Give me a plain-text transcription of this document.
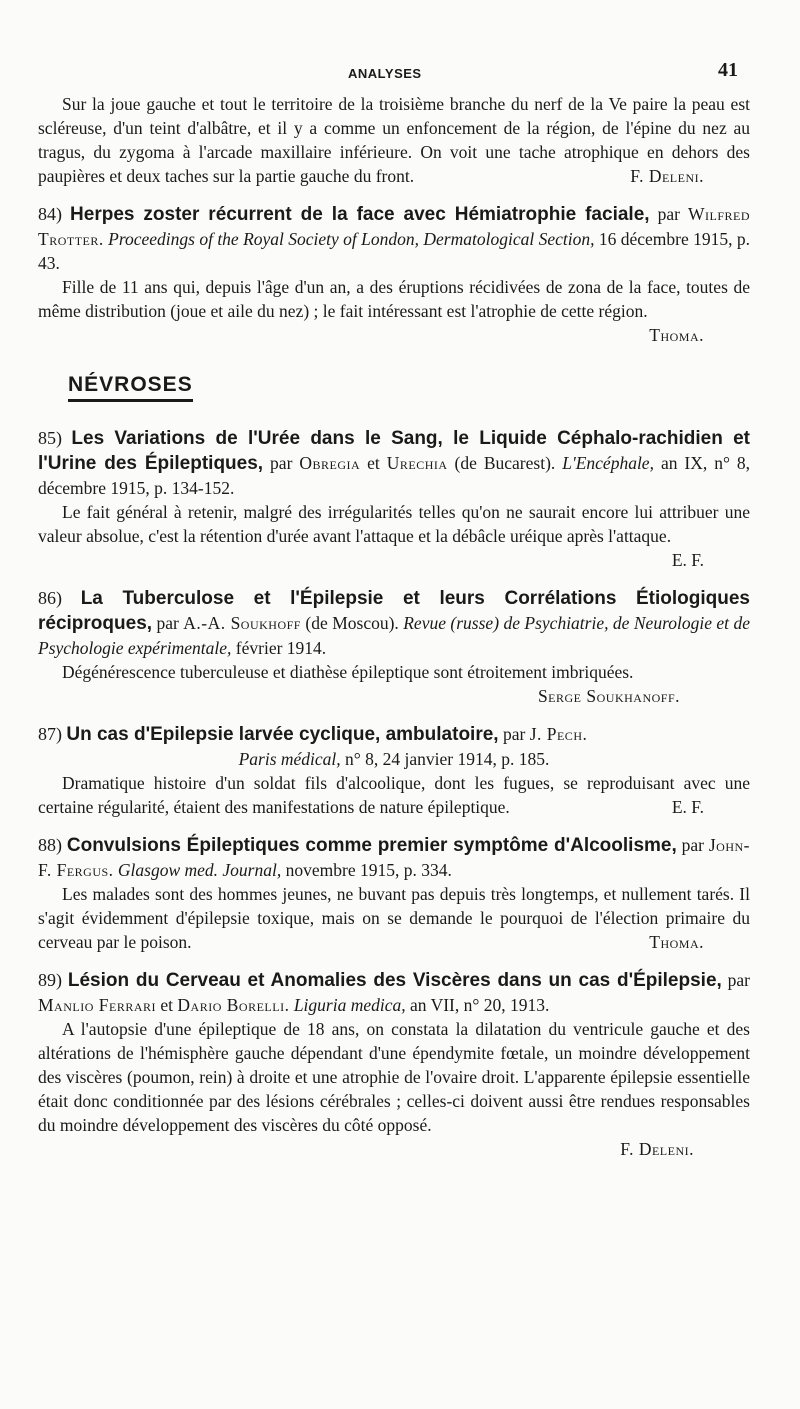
ANALYSES	41

Sur la joue gauche et tout le territoire de la troisième branche du nerf de la Ve paire la peau est scléreuse, d'un teint d'albâtre, et il y a comme un enfoncement de la région, de l'épine du nez au tragus, du zygoma à l'arcade maxillaire inférieure. On voit une tache atrophique en dehors des paupières et deux taches sur la partie gauche du front.	F. Deleni.

84) Herpes zoster récurrent de la face avec Hémiatrophie faciale, par Wilfred Trotter. Proceedings of the Royal Society of London, Dermatological Section, 16 décembre 1915, p. 43.

Fille de 11 ans qui, depuis l'âge d'un an, a des éruptions récidivées de zona de la face, toutes de même distribution (joue et aile du nez) ; le fait intéressant est l'atrophie de cette région.
Thoma.

NÉVROSES

85) Les Variations de l'Urée dans le Sang, le Liquide Céphalo-rachidien et l'Urine des Épileptiques, par Obregia et Urechia (de Bucarest). L'Encéphale, an IX, n° 8, décembre 1915, p. 134-152.

Le fait général à retenir, malgré des irrégularités telles qu'on ne saurait encore lui attribuer une valeur absolue, c'est la rétention d'urée avant l'attaque et la débâcle uréique après l'attaque.
E. F.

86) La Tuberculose et l'Épilepsie et leurs Corrélations Étiologiques réciproques, par A.-A. Soukhoff (de Moscou). Revue (russe) de Psychiatrie, de Neurologie et de Psychologie expérimentale, février 1914.

Dégénérescence tuberculeuse et diathèse épileptique sont étroitement imbriquées.

Serge Soukhanoff.

87) Un cas d'Epilepsie larvée cyclique, ambulatoire, par J. Pech.

Paris médical, n° 8, 24 janvier 1914, p. 185.

Dramatique histoire d'un soldat fils d'alcoolique, dont les fugues, se reproduisant avec une certaine régularité, étaient des manifestations de nature épileptique.	E. F.

88) Convulsions Épileptiques comme premier symptôme d'Alcoolisme, par John-F. Fergus. Glasgow med. Journal, novembre 1915, p. 334.

Les malades sont des hommes jeunes, ne buvant pas depuis très longtemps, et nullement tarés. Il s'agit évidemment d'épilepsie toxique, mais on se demande le pourquoi de l'élection primaire du cerveau par le poison.	Thoma.

89) Lésion du Cerveau et Anomalies des Viscères dans un cas d'Épilepsie, par Manlio Ferrari et Dario Borelli. Liguria medica, an VII, n° 20, 1913.

A l'autopsie d'une épileptique de 18 ans, on constata la dilatation du ventricule gauche et des altérations de l'hémisphère gauche dépendant d'une épendymite fœtale, un moindre développement des viscères (poumon, rein) à droite et une atrophie de l'ovaire droit. L'apparente épilepsie essentielle était donc conditionnée par des lésions cérébrales ; celles-ci doivent aussi être rendues responsables du moindre développement des viscères du côté opposé.

F. Deleni.
